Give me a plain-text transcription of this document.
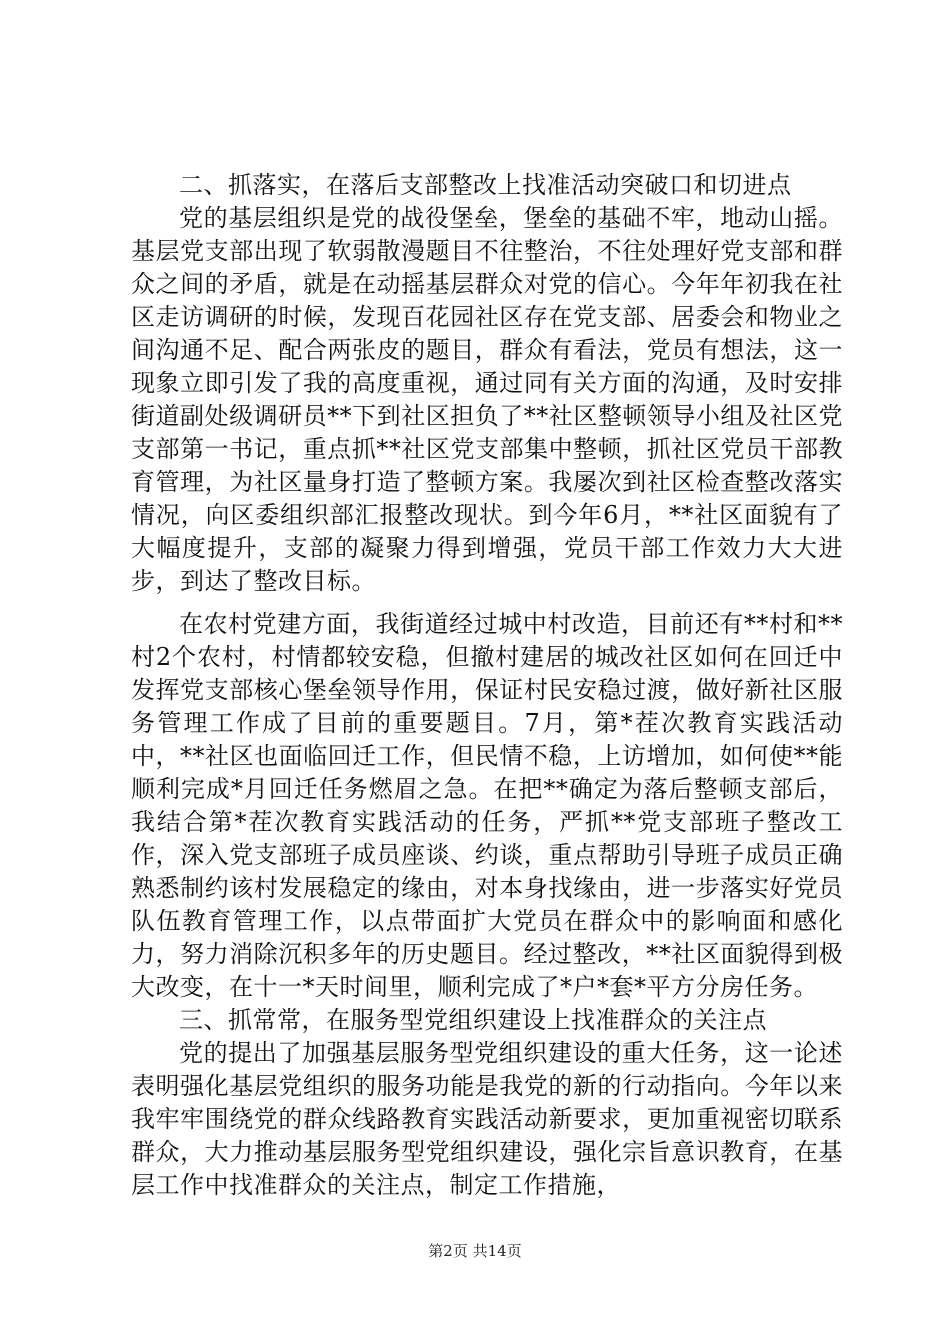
二、抓落实，在落后支部整改上找准活动突破口和切进点

党的基层组织是党的战役堡垒，堡垒的基础不牢，地动山摇。基层党支部出现了软弱散漫题目不往整治，不往处理好党支部和群众之间的矛盾，就是在动摇基层群众对党的信心。今年年初我在社区走访调研的时候，发现百花园社区存在党支部、居委会和物业之间沟通不足、配合两张皮的题目，群众有看法，党员有想法，这一现象立即引发了我的高度重视，通过同有关方面的沟通，及时安排街道副处级调研员**下到社区担负了**社区整顿领导小组及社区党支部第一书记，重点抓**社区党支部集中整顿，抓社区党员干部教育管理，为社区量身打造了整顿方案。我屡次到社区检查整改落实情况，向区委组织部汇报整改现状。到今年6月，**社区面貌有了大幅度提升，支部的凝聚力得到增强，党员干部工作效力大大进步，到达了整改目标。

在农村党建方面，我街道经过城中村改造，目前还有**村和**村2个农村，村情都较安稳，但撤村建居的城改社区如何在回迁中发挥党支部核心堡垒领导作用，保证村民安稳过渡，做好新社区服务管理工作成了目前的重要题目。7月，第*茬次教育实践活动中，**社区也面临回迁工作，但民情不稳，上访增加，如何使**能顺利完成*月回迁任务燃眉之急。在把**确定为落后整顿支部后，我结合第*茬次教育实践活动的任务，严抓**党支部班子整改工作，深入党支部班子成员座谈、约谈，重点帮助引导班子成员正确熟悉制约该村发展稳定的缘由，对本身找缘由，进一步落实好党员队伍教育管理工作，以点带面扩大党员在群众中的影响面和感化力，努力消除沉积多年的历史题目。经过整改，**社区面貌得到极大改变，在十一*天时间里，顺利完成了*户*套*平方分房任务。

三、抓常常，在服务型党组织建设上找准群众的关注点

党的提出了加强基层服务型党组织建设的重大任务，这一论述表明强化基层党组织的服务功能是我党的新的行动指向。今年以来我牢牢围绕党的群众线路教育实践活动新要求，更加重视密切联系群众，大力推动基层服务型党组织建设，强化宗旨意识教育，在基层工作中找准群众的关注点，制定工作措施，

第2页 共14页
